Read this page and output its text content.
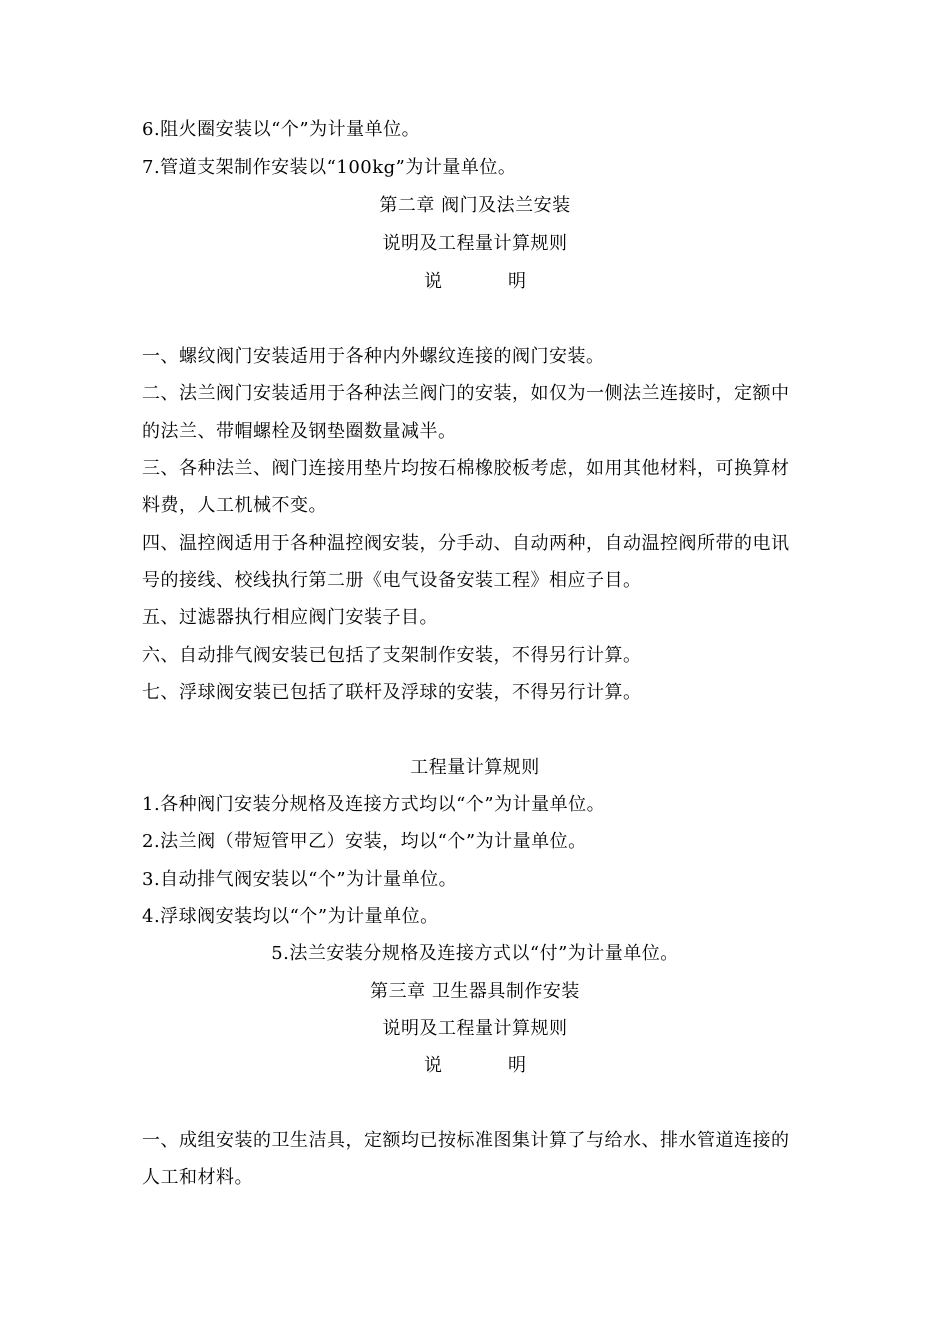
6.阻火圈安装以“个”为计量单位。
7.管道支架制作安装以“100kg”为计量单位。
第二章 阀门及法兰安装
说明及工程量计算规则
说	明
一、螺纹阀门安装适用于各种内外螺纹连接的阀门安装。
二、法兰阀门安装适用于各种法兰阀门的安装，如仅为一侧法兰连接时，定额中
的法兰、带帽螺栓及钢垫圈数量减半。
三、各种法兰、阀门连接用垫片均按石棉橡胶板考虑，如用其他材料，可换算材
料费，人工机械不变。
四、温控阀适用于各种温控阀安装，分手动、自动两种，自动温控阀所带的电讯
号的接线、校线执行第二册《电气设备安装工程》相应子目。
五、过滤器执行相应阀门安装子目。
六、自动排气阀安装已包括了支架制作安装，不得另行计算。
七、浮球阀安装已包括了联杆及浮球的安装，不得另行计算。
工程量计算规则
1.各种阀门安装分规格及连接方式均以“个”为计量单位。
2.法兰阀（带短管甲乙）安装，均以“个”为计量单位。
3.自动排气阀安装以“个”为计量单位。
4.浮球阀安装均以“个”为计量单位。
5.法兰安装分规格及连接方式以“付”为计量单位。
第三章 卫生器具制作安装
说明及工程量计算规则
说	明
一、成组安装的卫生洁具，定额均已按标准图集计算了与给水、排水管道连接的
人工和材料。
